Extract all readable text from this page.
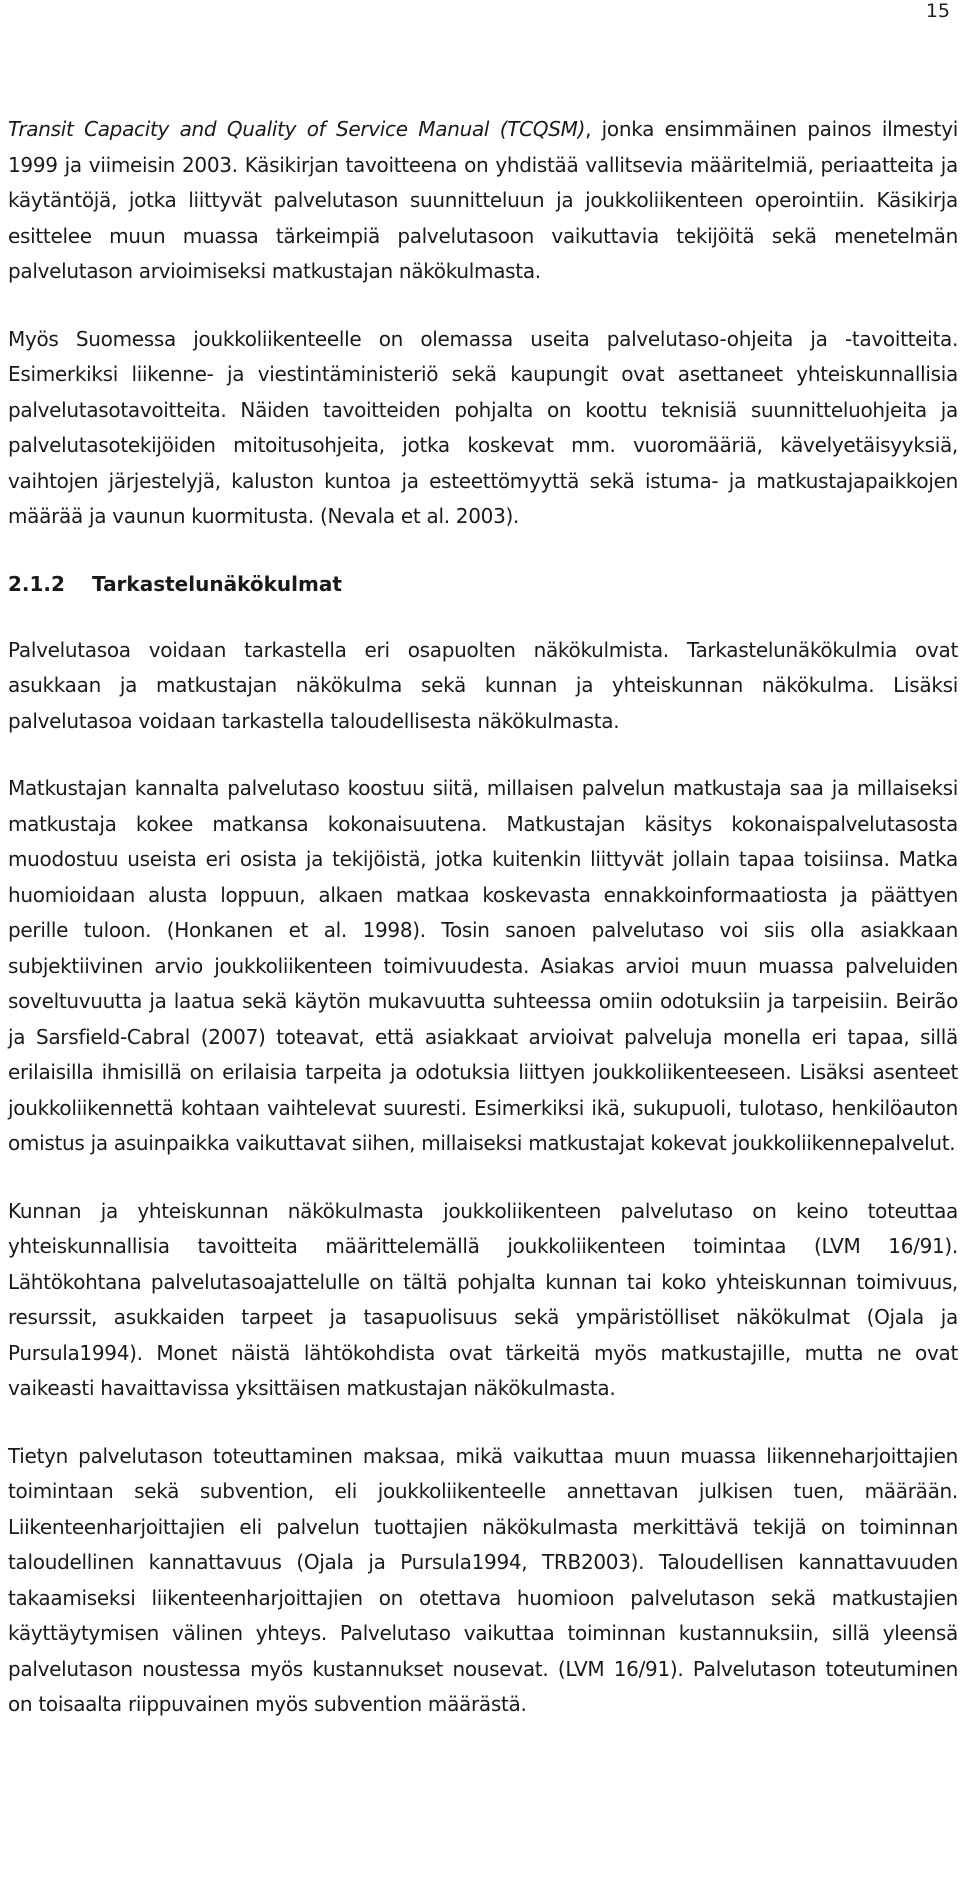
15

Transit Capacity and Quality of Service Manual (TCQSM), jonka ensimmäinen painos ilmestyi 1999 ja viimeisin 2003. Käsikirjan tavoitteena on yhdistää vallitsevia määritelmiä, periaatteita ja käytäntöjä, jotka liittyvät palvelutason suunnitteluun ja joukkoliikenteen operointiin. Käsikirja esittelee muun muassa tärkeimpiä palvelutasoon vaikuttavia tekijöitä sekä menetelmän palvelutason arvioimiseksi matkustajan näkökulmasta.

Myös Suomessa joukkoliikenteelle on olemassa useita palvelutaso-ohjeita ja -tavoitteita. Esimerkiksi liikenne- ja viestintäministeriö sekä kaupungit ovat asettaneet yhteiskunnallisia palvelutasotavoitteita. Näiden tavoitteiden pohjalta on koottu teknisiä suunnitteluohjeita ja palvelutasotekijöiden mitoitusohjeita, jotka koskevat mm. vuoromääriä, kävelyetäisyyksiä, vaihtojen järjestelyjä, kaluston kuntoa ja esteettömyyttä sekä istuma- ja matkustajapaikkojen määrää ja vaunun kuormitusta. (Nevala et al. 2003).

2.1.2 Tarkastelunäkökulmat

Palvelutasoa voidaan tarkastella eri osapuolten näkökulmista. Tarkastelunäkökulmia ovat asukkaan ja matkustajan näkökulma sekä kunnan ja yhteiskunnan näkökulma. Lisäksi palvelutasoa voidaan tarkastella taloudellisesta näkökulmasta.

Matkustajan kannalta palvelutaso koostuu siitä, millaisen palvelun matkustaja saa ja millaiseksi matkustaja kokee matkansa kokonaisuutena. Matkustajan käsitys kokonaispalvelutasosta muodostuu useista eri osista ja tekijöistä, jotka kuitenkin liittyvät jollain tapaa toisiinsa. Matka huomioidaan alusta loppuun, alkaen matkaa koskevasta ennakkoinformaatiosta ja päättyen perille tuloon. (Honkanen et al. 1998). Tosin sanoen palvelutaso voi siis olla asiakkaan subjektiivinen arvio joukkoliikenteen toimivuudesta. Asiakas arvioi muun muassa palveluiden soveltuvuutta ja laatua sekä käytön mukavuutta suhteessa omiin odotuksiin ja tarpeisiin. Beirão ja Sarsfield-Cabral (2007) toteavat, että asiakkaat arvioivat palveluja monella eri tapaa, sillä erilaisilla ihmisillä on erilaisia tarpeita ja odotuksia liittyen joukkoliikenteeseen. Lisäksi asenteet joukkoliikennettä kohtaan vaihtelevat suuresti. Esimerkiksi ikä, sukupuoli, tulotaso, henkilöauton omistus ja asuinpaikka vaikuttavat siihen, millaiseksi matkustajat kokevat joukkoliikennepalvelut.

Kunnan ja yhteiskunnan näkökulmasta joukkoliikenteen palvelutaso on keino toteuttaa yhteiskunnallisia tavoitteita määrittelemällä joukkoliikenteen toimintaa (LVM 16/91). Lähtökohtana palvelutasoajattelulle on tältä pohjalta kunnan tai koko yhteiskunnan toimivuus, resurssit, asukkaiden tarpeet ja tasapuolisuus sekä ympäristölliset näkökulmat (Ojala ja Pursula1994). Monet näistä lähtökohdista ovat tärkeitä myös matkustajille, mutta ne ovat vaikeasti havaittavissa yksittäisen matkustajan näkökulmasta.

Tietyn palvelutason toteuttaminen maksaa, mikä vaikuttaa muun muassa liikenneharjoittajien toimintaan sekä subvention, eli joukkoliikenteelle annettavan julkisen tuen, määrään. Liikenteenharjoittajien eli palvelun tuottajien näkökulmasta merkittävä tekijä on toiminnan taloudellinen kannattavuus (Ojala ja Pursula1994, TRB2003). Taloudellisen kannattavuuden takaamiseksi liikenteenharjoittajien on otettava huomioon palvelutason sekä matkustajien käyttäytymisen välinen yhteys. Palvelutaso vaikuttaa toiminnan kustannuksiin, sillä yleensä palvelutason noustessa myös kustannukset nousevat. (LVM 16/91). Palvelutason toteutuminen on toisaalta riippuvainen myös subvention määrästä.
